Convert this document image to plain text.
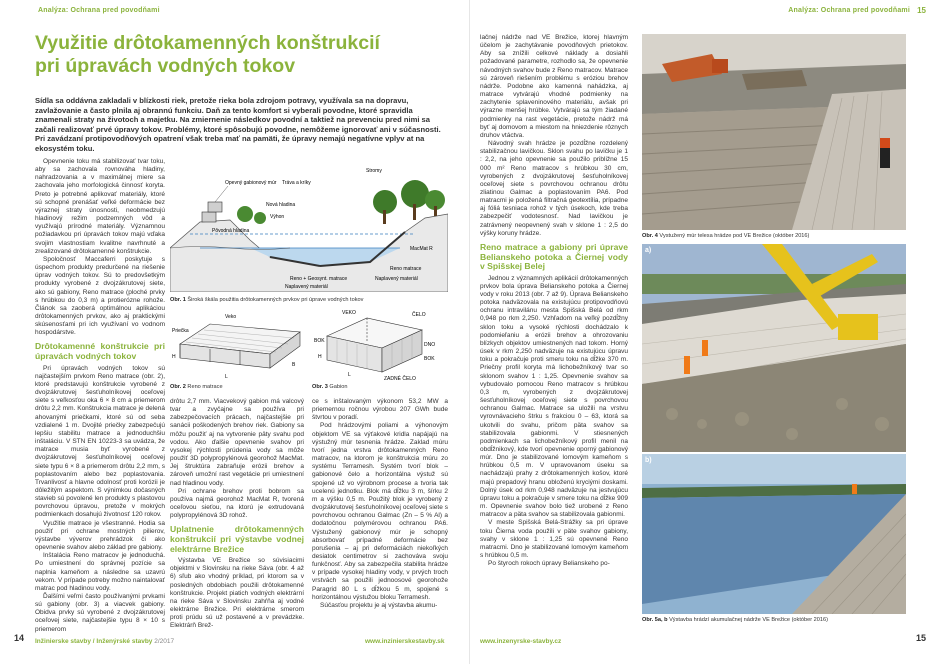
Analýza: Ochrana pred povodňami
Využitie drôtokamenných konštrukcií pri úpravách vodných tokov

Sídla sa oddávna zakladali v blízkosti riek, pretože rieka bola zdrojom potravy, využívala sa na dopravu, zavlažovanie a často plnila aj obrannú funkciu. Daň za tento komfort si vyberali povodne, ktoré spravidla znamenali straty na životoch a majetku. Na zmiernenie následkov povodní a taktiež na prevenciu pred nimi sa začali realizovať prvé úpravy tokov. Problémy, ktoré spôsobujú povodne, nemôžeme ignorovať ani v súčasnosti. Pri zavádzaní protipovodňových opatrení však treba mať na pamäti, že úpravy nemajú negatívne vplyv at na ekosystém toku.

Opevnenie toku má stabilizovať tvar toku, aby sa zachovala rovnováha hladiny, nahradzovania a v maximálnej miere sa zachovala jeho morfologická činnosť koryta. Preto je potrebné aplikovať materiály, ktoré sú schopné prenášať veľké deformácie bez výraznej straty únosnosti, neobmedzujú hladinový režim podzemných vôd a využívajú prírodné materiály. Významnou požiadavkou pri úpravách tokov majú vďaka svojim vlastnostiam kvalitne navrhnuté a zrealizované drôtokamenné konštrukcie.

Spoločnosť Maccaferri poskytuje s úspechom produkty predurčené na riešenie úprav vodných tokov. Sú to predovšetkým produkty vyrobené z dvojzákrutovej siete, ako sú gabiony, Reno matrace (ploché prvky s hrúbkou do 0,3 m) a protierózne rohože. Článok sa zaoberá optimálnou aplikáciou drôtokamenných prvkov, ako aj praktickými skúsenosťami pri ich využívaní vo vodnom hospodárstve.

Drôtokamenné konštrukcie pri úpravách vodných tokov

Pri úpravách vodných tokov sú najčastejším prvkom Reno matrace (obr. 2), ktoré predstavujú konštrukcie vyrobené z dvojzákrutovej šesťuholníkovej oceľovej siete s veľkosťou oka 6 × 8 cm a priemerom drôtu 2,2 mm. Konštrukcia matrace je delená ahovanými priečkami, ktoré sú od seba vzdialené 1 m. Dvojité priečky zabezpečujú lepšiu stabilitu matrace a jednoduchšiu inštaláciu. V STN EN 10223-3 sa uvádza, že matrace musia byť vyrobené z dvojzákrutovej šesťuholníkovej oceľovej siete typu 6 × 8 a priemerom drôtu 2,2 mm, s poplastovaním alebo bez poplastovania. Trvanlivosť a hlavne odolnosť proti korózii je dôležitým aspektom. S výnimkou dočasných stavieb sú povolené len produkty s plastovou povrchovou úpravou, pretože v mokrých podmienkach dosahujú životnosť 120 rokov.

Využitie matrace je všestranné. Hodia sa použiť pri ochrane mostných pilierov, výstavbe výverov prehrádzok či ako opevnenie svahov alebo základ pre gabiony.

Inštalácia Reno matracov je jednoduchá. Po umiestnení do správnej pozície sa naplnia kameňom a následne sa uzavrú vekom. V prípade potreby možno naintalovať matrac pod hladinou vody.

Ďalšími veľmi často používanými prvkami sú gabiony (obr. 3) a viacvek gabiony. Obidva prvky sú vyrobené z dvojzákrutovej oceľovej siete, najčastejšie typu 8 × 10 s priemerom

Opevný gabionový múr Tráva a kríky
Stromy
Nová hladina
Výhon
Pôvodná hladina
MacMat R
Reno matrace
Naplavený materiál
Reno + Geosynt. matrace
Naplavený materiál
Obr. 1 Široká škála použitia drôtokamenných prvkov pri úprave vodných tokov
Veko
Priečka
H
L
B
Obr. 2 Reno matrace
VEKO	ČELO
BOK
DNO
BOK
ZADNÉ ČELO
H
L
Obr. 3 Gabion

drôtu 2,7 mm. Viacvekový gabion má valcový tvar a zvyčajne sa používa pri zabezpečovacích prácach, najčastejšie pri sanácii poškodených brehov riek. Gabiony sa môžu použiť aj na vytvorenie päty svahu pod vodou. Ako ďalšie opevnenie svahov pri vysokej rýchlosti prúdenia vody sa môže použiť 3D polypropylénová georohož MacMat. Jej štruktúra zabraňuje erózii brehov a zároveň umožní rast vegetácie pri umiestnení nad hladinou vody.

Pri ochrane brehov proti bobrom sa používa najmä georohož MacMat R, tvorená oceľovou sieťou, na ktorú je extrudovaná polypropylénová 3D rohož.

Uplatnenie drôtokamenných konštrukcií pri výstavbe vodnej elektrárne Brežice

Výstavba VE Brežice so súvisiacimi objektmi v Slovinsku na rieke Sáva (obr. 4 až 6) sľub ako vhodný príklad, pri ktorom sa v posledných obdobiach použili drôtokamenné konštrukcie. Projekt piatich vodných elektrární na rieke Sáva v Slovinsku zahŕňa aj vodné elektrárne Brežice. Pri elektrárne smerom proti prúdu sú už postavené a v prevádzke. Elektrárň Brež-

ce s inštalovaným výkonom 53,2 MW a priemernou ročnou výrobou 207 GWh bude štvrtou v poradí.

Pod hrádzovými poliami a výhonovým objektom VE sa výťakové kridla napájajú na výstužný múr tesnenia hrádze. Zaklad múru tvorí jedna vrstva drôtokamenných Reno matracov, na ktorom je konštrukcia múru zo systému Terramesh. Systém tvorí blok – gabionové čelo a horizontálna výstuž sú spojené už vo výrobnom procese a tvoria tak ucelenú jednotku. Blok má dĺžku 3 m, šírku 2 m a výšku 0,5 m. Použitý blok je vyrobený z dvojzákrutovej šesťuholníkovej oceľovej siete s povrchovou ochranou Galmac (Zn – 5 % Al) a dodatočnou polymérovou ochranou PA6. Výstužený gabionový múr je schopný absorbovať prípadné deformácie bez porušenia – aj pri deformáciách niekoľkých desiatok centimetrov si zachováva svoju funkčnosť. Aby sa zabezpečila stabilita hrádze v prípade vysokej hladiny vody, v prvých troch vrstvách sa použili jednoosové georohože Paragrid 80 L s dĺžkou 5 m, spojené s horizontálnou výstužou bloku Terramesh.

Súčasťou projektu je aj výstavba akumu-

14 Inžinierske stavby / Inženýrské stavby 2/2017	www.inzinierskestavby.sk
Analýza: Ochrana pred povodňami 15

lačnej nádrže nad VE Brežice, ktorej hlavným účelom je zachytávanie povodňových prietokov. Aby sa znížili celkové náklady a dosiahli požadované parametre, rozhodlo sa, že opevnenie návodných svahov bude z Reno matracov. Matrace sú zároveň riešením problému s eróziou brehov nádrže. Podobne ako kamenná nahádzka, aj matrace vytvárajú vhodné podmienky na zachytenie splaveninového materiálu, avšak pri výrazne menšej hrúbke. Vytvárajú sa tým žiadané podmienky na rast vegetácie, pretože nádrž má byť aj domovom a miestom na hniezdenie rôznych druhov vtáctva.

Návodný svah hrádze je pozdĺžne rozdelený stabilizačnou lavičkou. Sklon svahu po lavičku je 1 : 2,2, na jeho opevnenie sa použilo približne 15 000 m² Reno matracov s hrúbkou 30 cm, vyrobených z dvojzákrutovej šesťuholníkovej oceľovej siete s povrchovou ochranou drôtu zliatinou Galmac a poplastovaním PA6. Pod matracmi je položená filtračná geotextília, prípadne aj fóliá tesniaca rohož v tých úsekoch, kde treba zabezpečiť vodotesnosť. Nad lavičkou je zatrávnený neopevnený svah v sklone 1 : 2,5 do výšky koruny hrádze.

Reno matrace a gabiony pri úprave Belianskeho potoka a Čiernej vody v Spišskej Belej

Jednou z významných aplikácií drôtokamenných prvkov bola úprava Belianskeho potoka a Čiernej vody v roku 2013 (obr. 7 až 9). Úprava Belianskeho potoka nadväzovala na existujúcu protipovodňovú ochranu intravilánu mesta Spišská Belá od rkm 0,948 po rkm 2,250. Vzhľadom na veľký pozdĺžny sklon toku a vysoké rýchlosti dochádzalo k podomieľaniu a erózii brehov a ohrozovaniu blízkych objektov umiestnených nad tokom. Horný úsek v rkm 2,250 nadväzuje na existujúcu úpravu toku a pokračuje proti smeru toku na dĺžke 370 m. Priečny profil koryta má lichobežníkový tvar so sklonom svahov 1 : 1,25. Opevnenie svahov sa vybudovalo pomocou Reno matracov s hrúbkou 0,3 m, vyrobených z dvojzákrutovej šesťuholníkovej oceľovej siete s povrchovou ochranou Galmac. Matrace sa uložili na vrstvu vyrovnávacieho štrku s frakciou 0 – 63, ktorá sa ukotvili do svahu, pričom päta svahov sa stabilizovala gabionmi. V stiesnených podmienkach sa lichobežníkový profil menil na obdĺžnikový, kde tvorí opevnenie oporný gabionový múr. Dno je stabilizované lomovým kameňom s hrúbkou 0,5 m. V upravovanom úseku sa nachádzajú prahy z drôtokamenných košov, ktoré majú prepadový hranu obloženú kryciými doskami. Dolný úsek od rkm 0,948 nadväzuje na jestvujúcu úpravu toku a pokračuje v smere toku na dĺžke 909 m. Opevnenie svahov bolo tiež urobené z Reno matracov a päta svahov sa stabilizovala gabionmi.

V meste Spišská Belá-Strážky sa pri úprave toku Čierna voda použili v päte svahov gabiony, svahy v sklone 1 : 1,25 sú opevnené Reno matracmi. Dno je stabilizované lomovým kameňom s hrúbkou 0,5 m.

Po štyroch rokoch úpravy Belianskeho po-

Obr. 4 Vystužený múr telesa hrádze pod VE Brežice (október 2016)
a)
b)
Obr. 5a, b Výstavba hrádzí akumulačnej nádrže VE Brežice (október 2016)
www.inzenyrske-stavby.cz	15
